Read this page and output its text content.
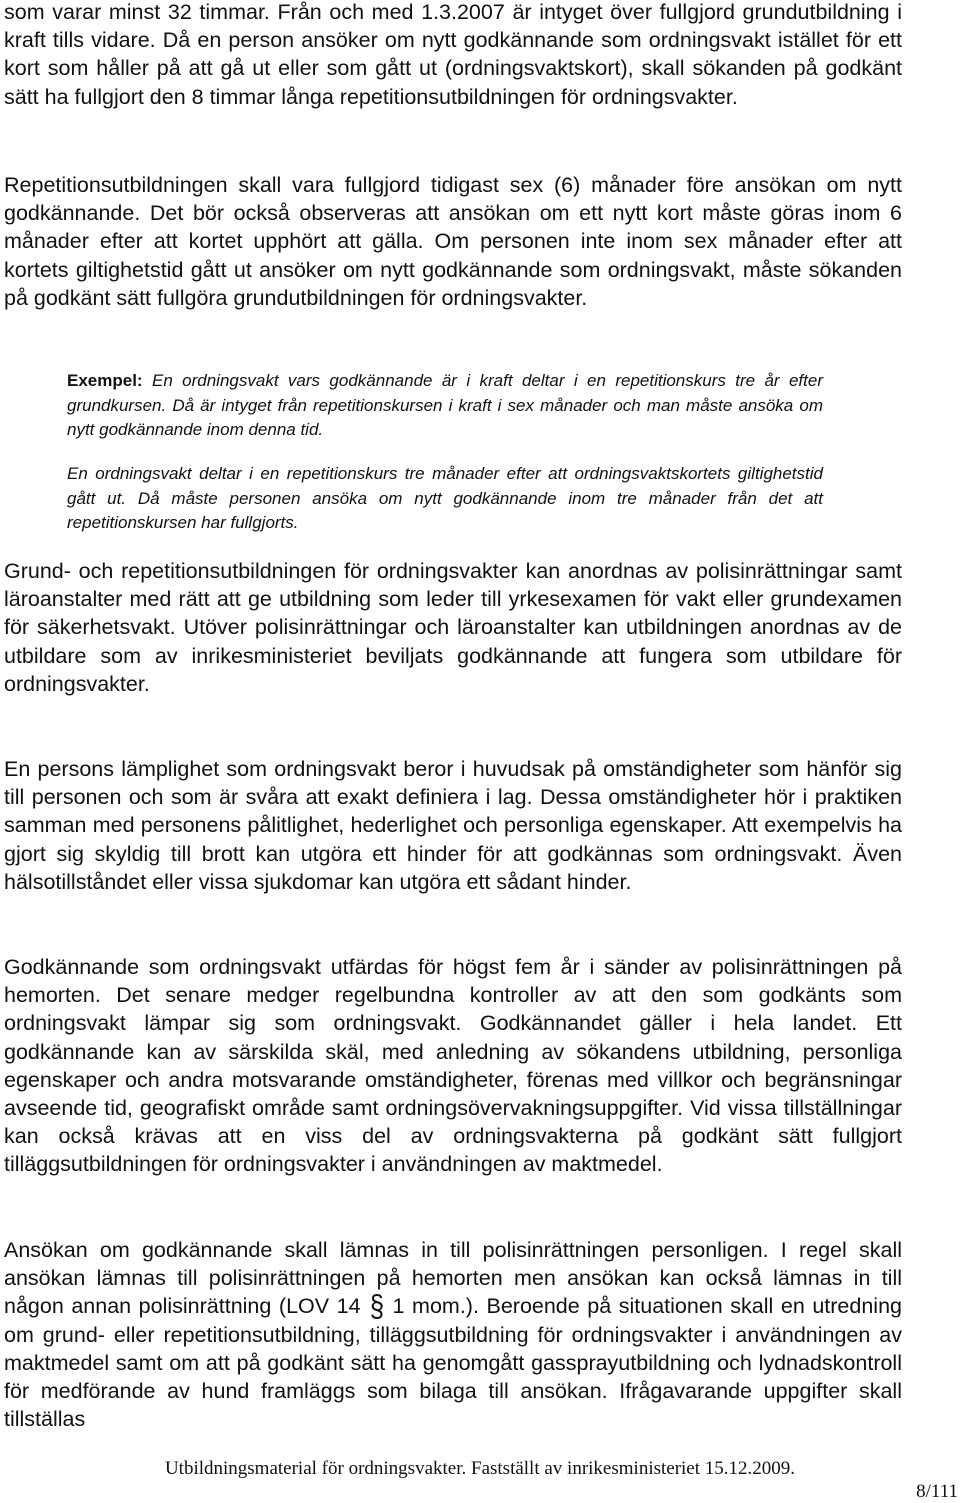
som varar minst 32 timmar. Från och med 1.3.2007 är intyget över fullgjord grundutbildning i kraft tills vidare. Då en person ansöker om nytt godkännande som ordningsvakt istället för ett kort som håller på att gå ut eller som gått ut (ordningsvaktskort), skall sökanden på godkänt sätt ha fullgjort den 8 timmar långa repetitionsutbildningen för ordningsvakter.

Repetitionsutbildningen skall vara fullgjord tidigast sex (6) månader före ansökan om nytt godkännande. Det bör också observeras att ansökan om ett nytt kort måste göras inom 6 månader efter att kortet upphört att gälla. Om personen inte inom sex månader efter att kortets giltighetstid gått ut ansöker om nytt godkännande som ordningsvakt, måste sökanden på godkänt sätt fullgöra grundutbildningen för ordningsvakter.

Exempel: En ordningsvakt vars godkännande är i kraft deltar i en repetitionskurs tre år efter grundkursen. Då är intyget från repetitionskursen i kraft i sex månader och man måste ansöka om nytt godkännande inom denna tid.

En ordningsvakt deltar i en repetitionskurs tre månader efter att ordningsvaktskortets giltighetstid gått ut. Då måste personen ansöka om nytt godkännande inom tre månader från det att repetitionskursen har fullgjorts.

Grund- och repetitionsutbildningen för ordningsvakter kan anordnas av polisinrättningar samt läroanstalter med rätt att ge utbildning som leder till yrkesexamen för vakt eller grundexamen för säkerhetsvakt. Utöver polisinrättningar och läroanstalter kan utbildningen anordnas av de utbildare som av inrikesministeriet beviljats godkännande att fungera som utbildare för ordningsvakter.

En persons lämplighet som ordningsvakt beror i huvudsak på omständigheter som hänför sig till personen och som är svåra att exakt definiera i lag. Dessa omständigheter hör i praktiken samman med personens pålitlighet, hederlighet och personliga egenskaper. Att exempelvis ha gjort sig skyldig till brott kan utgöra ett hinder för att godkännas som ordningsvakt. Även hälsotillståndet eller vissa sjukdomar kan utgöra ett sådant hinder.

Godkännande som ordningsvakt utfärdas för högst fem år i sänder av polisinrättningen på hemorten. Det senare medger regelbundna kontroller av att den som godkänts som ordningsvakt lämpar sig som ordningsvakt. Godkännandet gäller i hela landet. Ett godkännande kan av särskilda skäl, med anledning av sökandens utbildning, personliga egenskaper och andra motsvarande omständigheter, förenas med villkor och begränsningar avseende tid, geografiskt område samt ordningsövervakningsuppgifter. Vid vissa tillställningar kan också krävas att en viss del av ordningsvakterna på godkänt sätt fullgjort tilläggsutbildningen för ordningsvakter i användningen av maktmedel.

Ansökan om godkännande skall lämnas in till polisinrättningen personligen. I regel skall ansökan lämnas till polisinrättningen på hemorten men ansökan kan också lämnas in till någon annan polisinrättning (LOV 14 § 1 mom.). Beroende på situationen skall en utredning om grund- eller repetitionsutbildning, tilläggsutbildning för ordningsvakter i användningen av maktmedel samt om att på godkänt sätt ha genomgått gassprayutbildning och lydnadskontroll för medförande av hund framläggs som bilaga till ansökan. Ifrågavarande uppgifter skall tillställas

Utbildningsmaterial för ordningsvakter. Fastställt av inrikesministeriet 15.12.2009.
8/111
